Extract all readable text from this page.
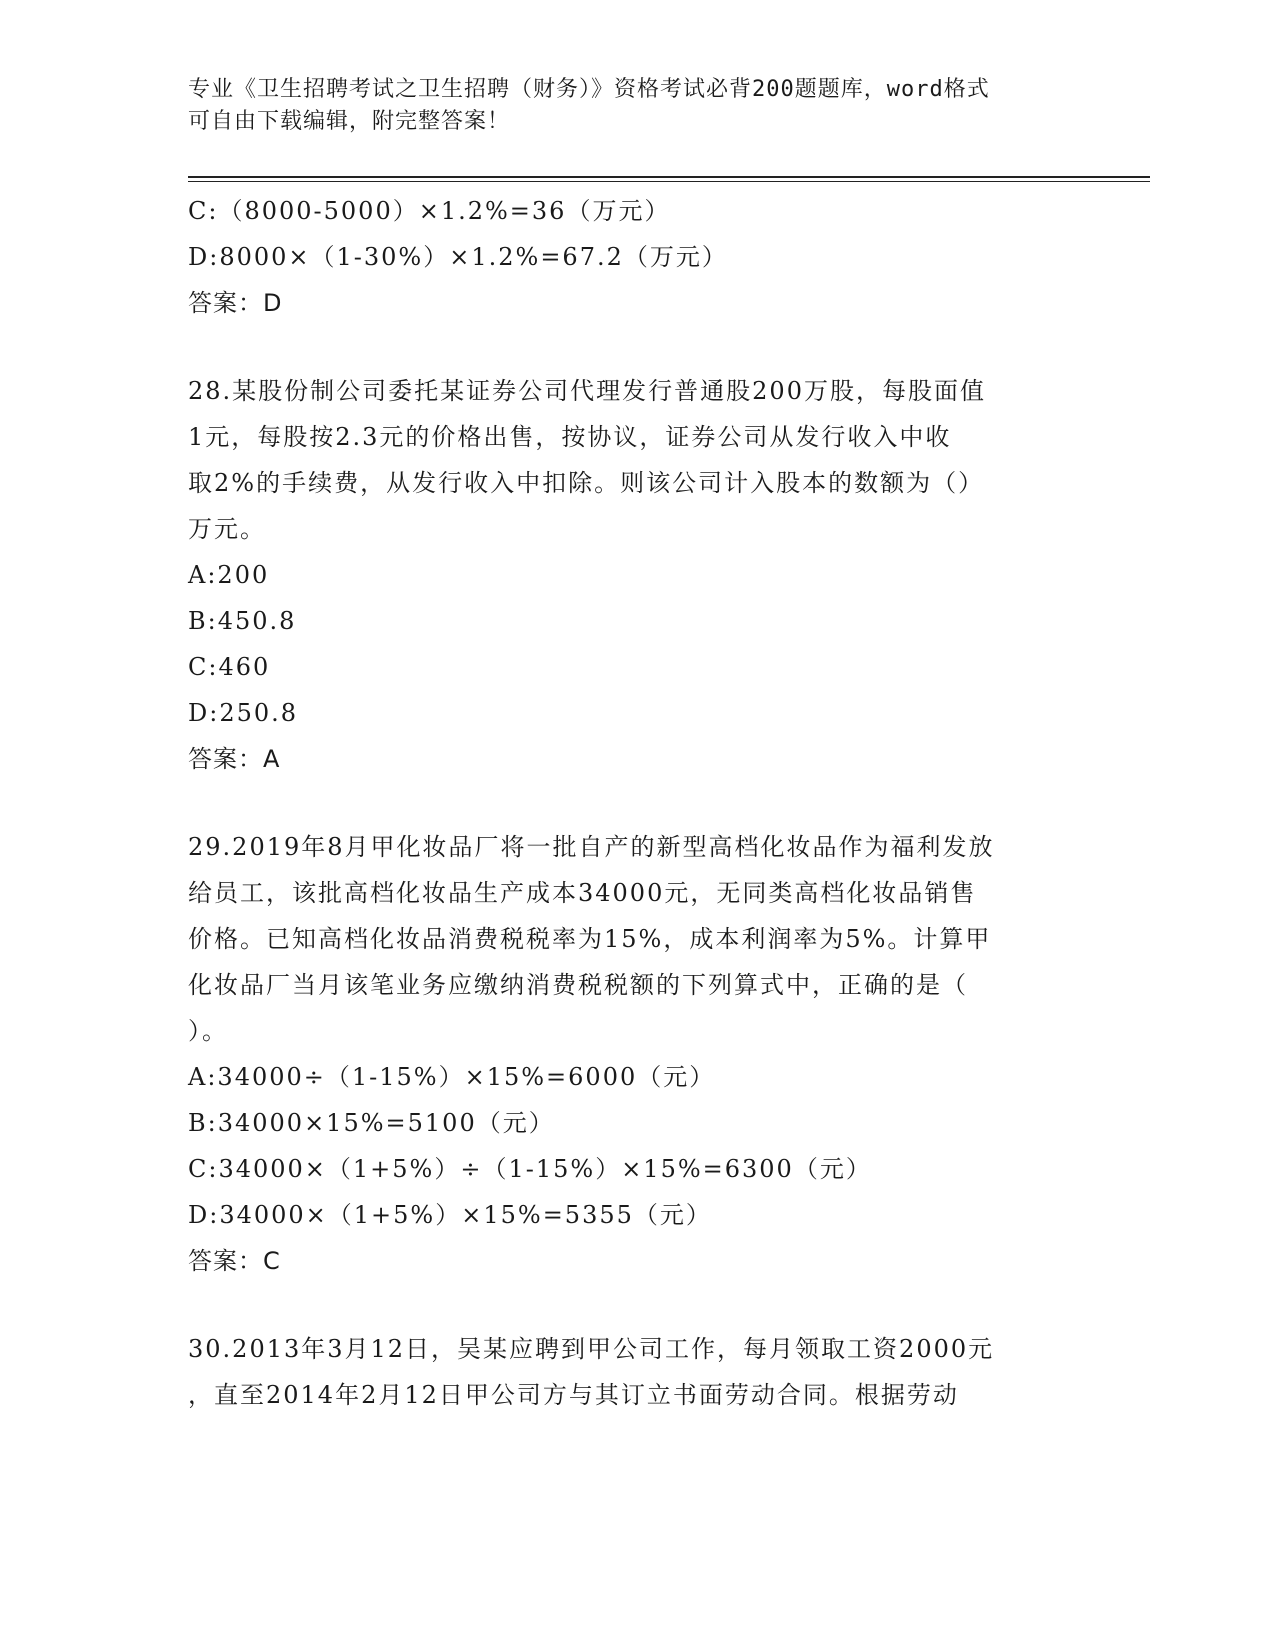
专业《卫生招聘考试之卫生招聘（财务）》资格考试必背200题题库，word格式
可自由下载编辑，附完整答案！
C:（8000-5000）×1.2%=36（万元）
D:8000×（1-30%）×1.2%=67.2（万元）
答案：D
28.某股份制公司委托某证券公司代理发行普通股200万股，每股面值
1元，每股按2.3元的价格出售，按协议，证券公司从发行收入中收
取2%的手续费，从发行收入中扣除。则该公司计入股本的数额为（）
万元。
A:200
B:450.8
C:460
D:250.8
答案：A
29.2019年8月甲化妆品厂将一批自产的新型高档化妆品作为福利发放
给员工，该批高档化妆品生产成本34000元，无同类高档化妆品销售
价格。已知高档化妆品消费税税率为15%，成本利润率为5%。计算甲
化妆品厂当月该笔业务应缴纳消费税税额的下列算式中，正确的是（
）。
A:34000÷（1-15%）×15%=6000（元）
B:34000×15%=5100（元）
C:34000×（1+5%）÷（1-15%）×15%=6300（元）
D:34000×（1+5%）×15%=5355（元）
答案：C
30.2013年3月12日，吴某应聘到甲公司工作，每月领取工资2000元
，直至2014年2月12日甲公司方与其订立书面劳动合同。根据劳动
